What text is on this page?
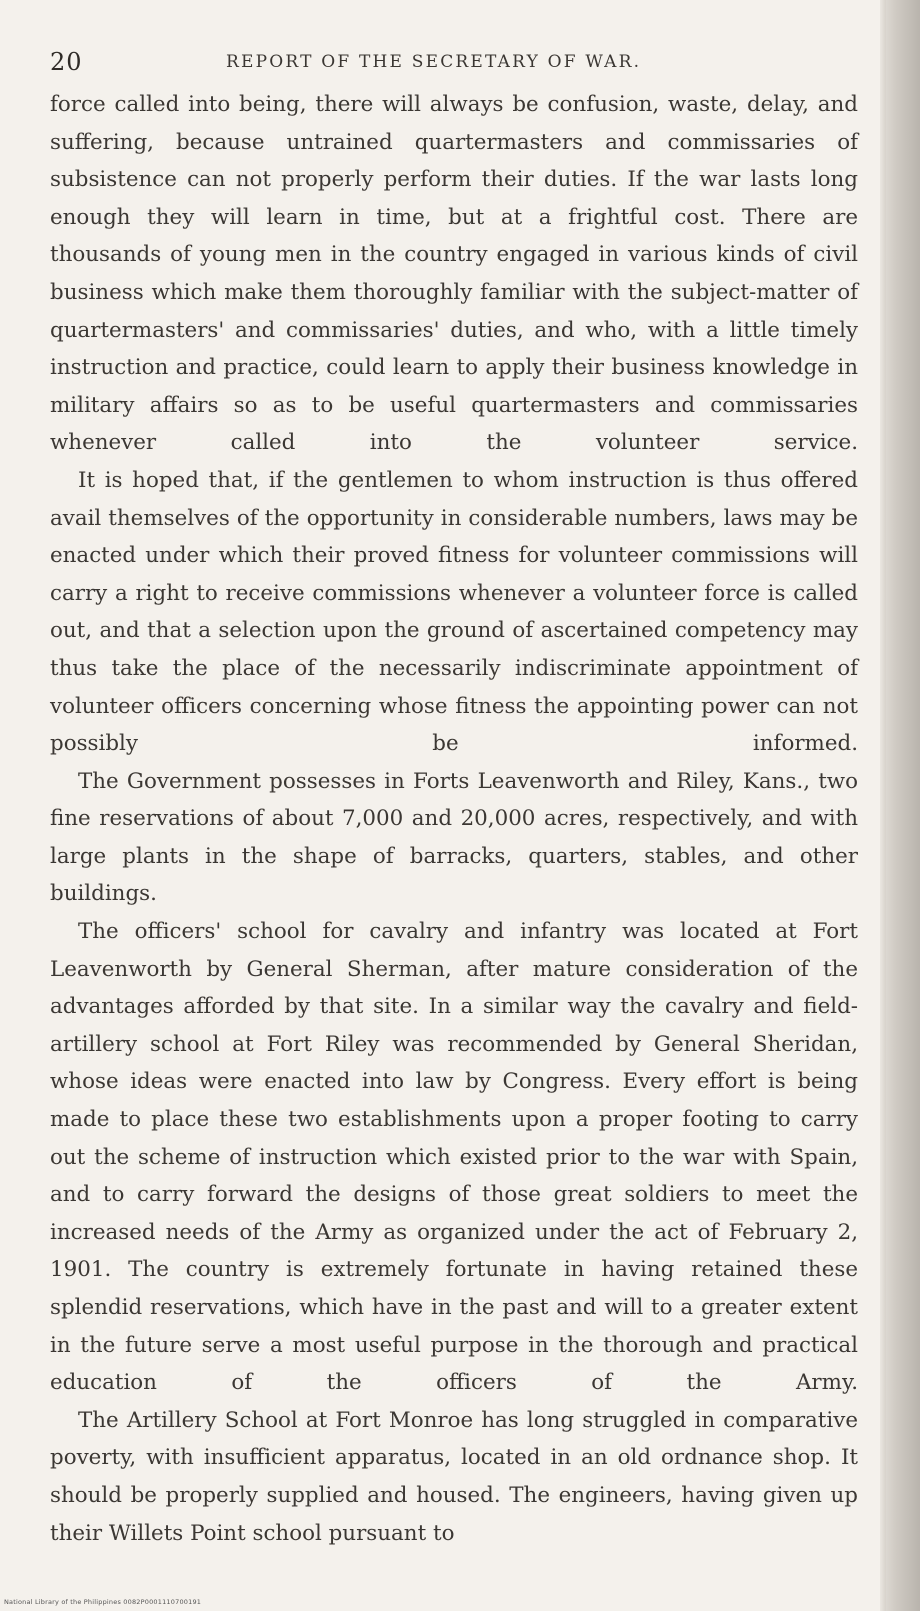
20	REPORT OF THE SECRETARY OF WAR.

force called into being, there will always be confusion, waste, delay, and suffering, because untrained quartermasters and commissaries of subsistence can not properly perform their duties. If the war lasts long enough they will learn in time, but at a frightful cost. There are thousands of young men in the country engaged in various kinds of civil business which make them thoroughly familiar with the subject-matter of quartermasters' and commissaries' duties, and who, with a little timely instruction and practice, could learn to apply their business knowledge in military affairs so as to be useful quartermasters and commissaries whenever called into the volunteer service.

It is hoped that, if the gentlemen to whom instruction is thus offered avail themselves of the opportunity in considerable numbers, laws may be enacted under which their proved fitness for volunteer commissions will carry a right to receive commissions whenever a volunteer force is called out, and that a selection upon the ground of ascertained competency may thus take the place of the necessarily indiscriminate appointment of volunteer officers concerning whose fitness the appointing power can not possibly be informed.

The Government possesses in Forts Leavenworth and Riley, Kans., two fine reservations of about 7,000 and 20,000 acres, respectively, and with large plants in the shape of barracks, quarters, stables, and other buildings.

The officers' school for cavalry and infantry was located at Fort Leavenworth by General Sherman, after mature consideration of the advantages afforded by that site. In a similar way the cavalry and field-artillery school at Fort Riley was recommended by General Sheridan, whose ideas were enacted into law by Congress. Every effort is being made to place these two establishments upon a proper footing to carry out the scheme of instruction which existed prior to the war with Spain, and to carry forward the designs of those great soldiers to meet the increased needs of the Army as organized under the act of February 2, 1901. The country is extremely fortunate in having retained these splendid reservations, which have in the past and will to a greater extent in the future serve a most useful purpose in the thorough and practical education of the officers of the Army.

The Artillery School at Fort Monroe has long struggled in comparative poverty, with insufficient apparatus, located in an old ordnance shop. It should be properly supplied and housed. The engineers, having given up their Willets Point school pursuant to

National Library of the Philippines 0082P0001110700191
